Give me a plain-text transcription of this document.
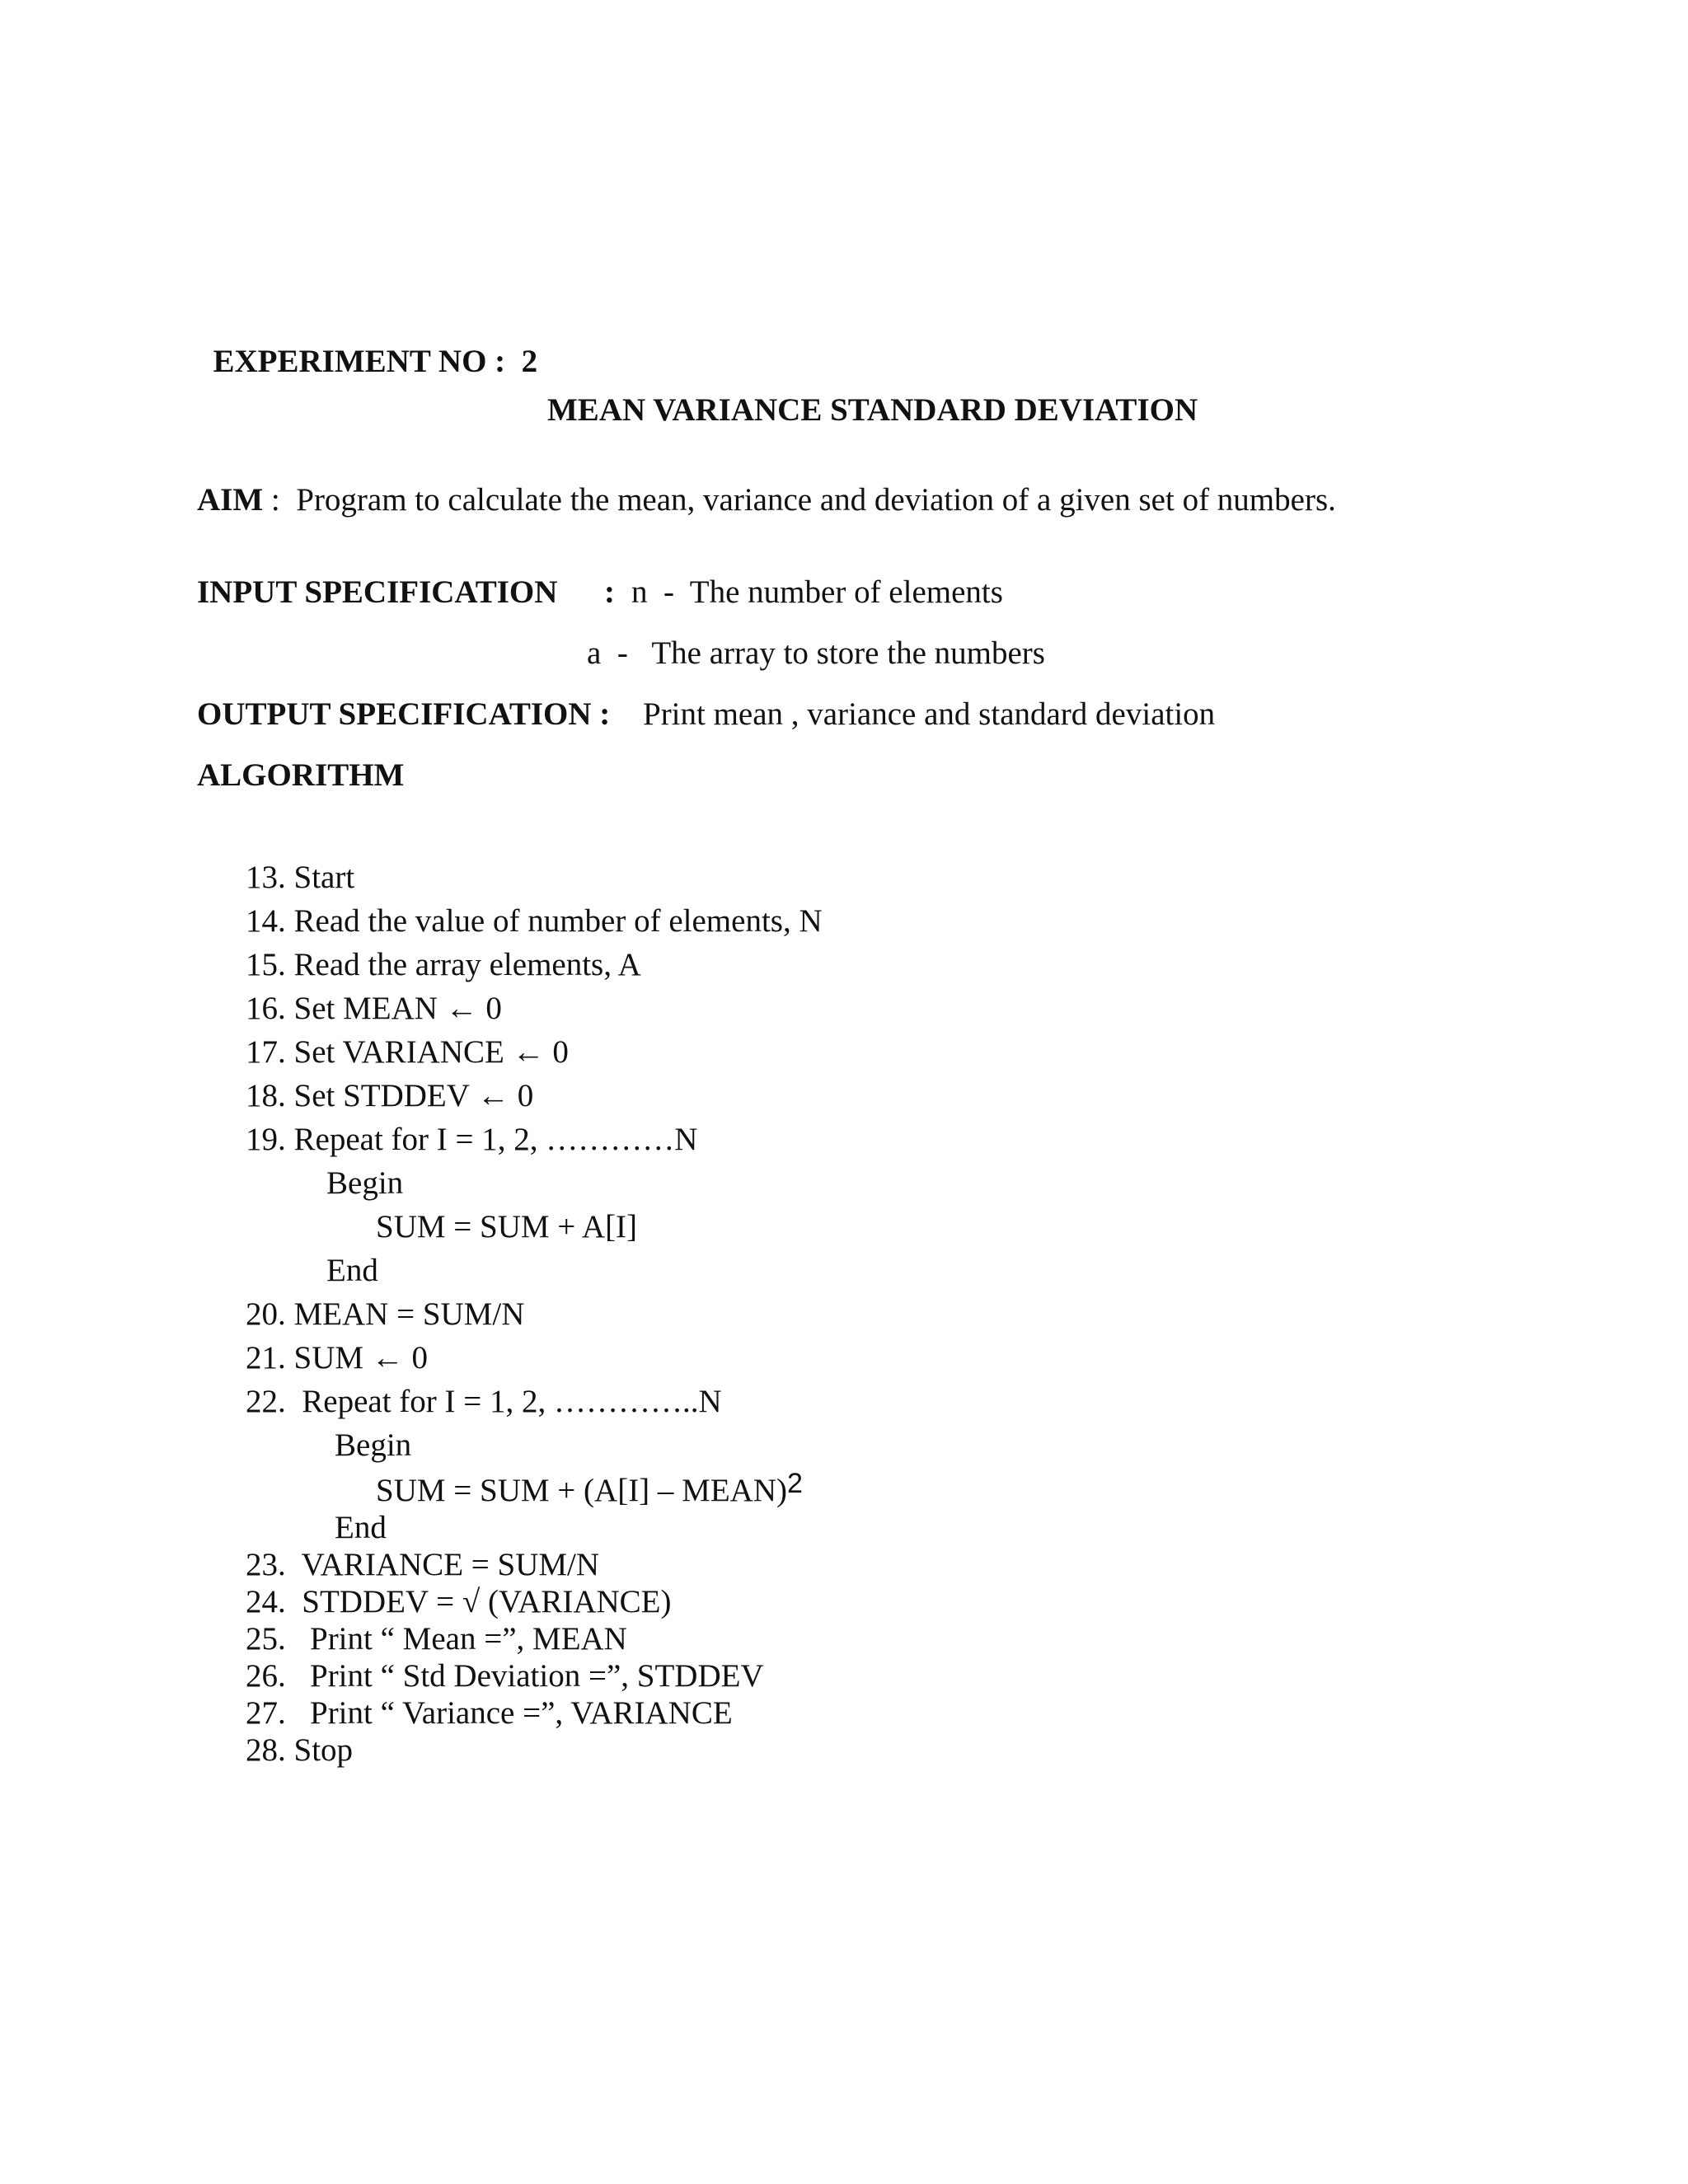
EXPERIMENT NO : 2

MEAN VARIANCE STANDARD DEVIATION
AIM : Program to calculate the mean, variance and deviation of a given set of numbers.
INPUT SPECIFICATION : n - The number of elements
a - The array to store the numbers
OUTPUT SPECIFICATION : Print mean , variance and standard deviation
ALGORITHM
13. Start
14. Read the value of number of elements, N
15. Read the array elements, A
16. Set MEAN ← 0
17. Set VARIANCE ← 0
18. Set STDDEV ← 0
19. Repeat for I = 1, 2, …………N
Begin
SUM = SUM + A[I]
End
20. MEAN = SUM/N
21. SUM ← 0
22.  Repeat for I = 1, 2, …………..N
Begin
SUM = SUM + (A[I] – MEAN)$^2$
End
23.  VARIANCE = SUM/N
24.  STDDEV = √ (VARIANCE)
25.   Print “ Mean =”, MEAN
26.   Print “ Std Deviation =”, STDDEV
27.   Print “ Variance =”, VARIANCE
28. Stop
